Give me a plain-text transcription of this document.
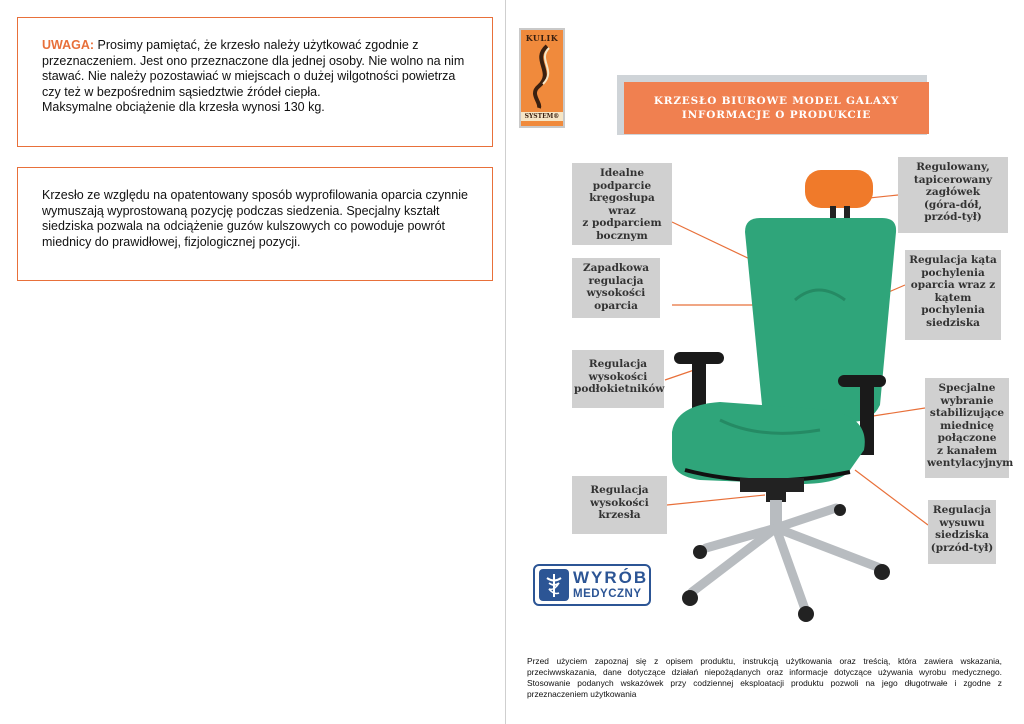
UWAGA: Prosimy pamiętać, że krzesło należy użytkować zgodnie z przeznaczeniem. Jest ono przeznaczone dla jednej osoby. Nie wolno na nim stawać. Nie należy pozostawiać w miejscach o dużej wilgotności powietrza czy też w bezpośrednim sąsiedztwie źródeł ciepła.
Maksymalne obciążenie dla krzesła wynosi 130 kg.
Krzesło ze względu na opatentowany sposób wyprofilowania oparcia czynnie wymuszają wyprostowaną pozycję podczas siedzenia. Specjalny kształt siedziska pozwala na odciążenie guzów kulszowych co powoduje powrót miednicy do prawidłowej, fizjologicznej pozycji.
KULIK
SYSTEM®
KRZESŁO BIUROWE MODEL GALAXY
INFORMACJE O PRODUKCIE
Idealne
podparcie
kręgosłupa wraz
z podparciem
bocznym
Zapadkowa
regulacja
wysokości
oparcia
Regulacja
wysokości
podłokietników
Regulacja
wysokości
krzesła
Regulowany,
tapicerowany
zagłówek
(góra-dół,
przód-tył)
Regulacja kąta
pochylenia
oparcia wraz z
kątem
pochylenia
siedziska
Specjalne
wybranie
stabilizujące
miednicę
połączone
z kanałem
wentylacyjnym
Regulacja
wysuwu
siedziska
(przód-tył)
WYRÓB
MEDYCZNY
Przed użyciem zapoznaj się z opisem produktu, instrukcją użytkowania oraz treścią, która zawiera wskazania, przeciwwskazania, dane dotyczące działań niepożądanych oraz informacje dotyczące używania wyrobu medycznego. Stosowanie podanych wskazówek przy codziennej eksploatacji produktu pozwoli na jego długotrwałe i zgodne z przeznaczeniem użytkowania
